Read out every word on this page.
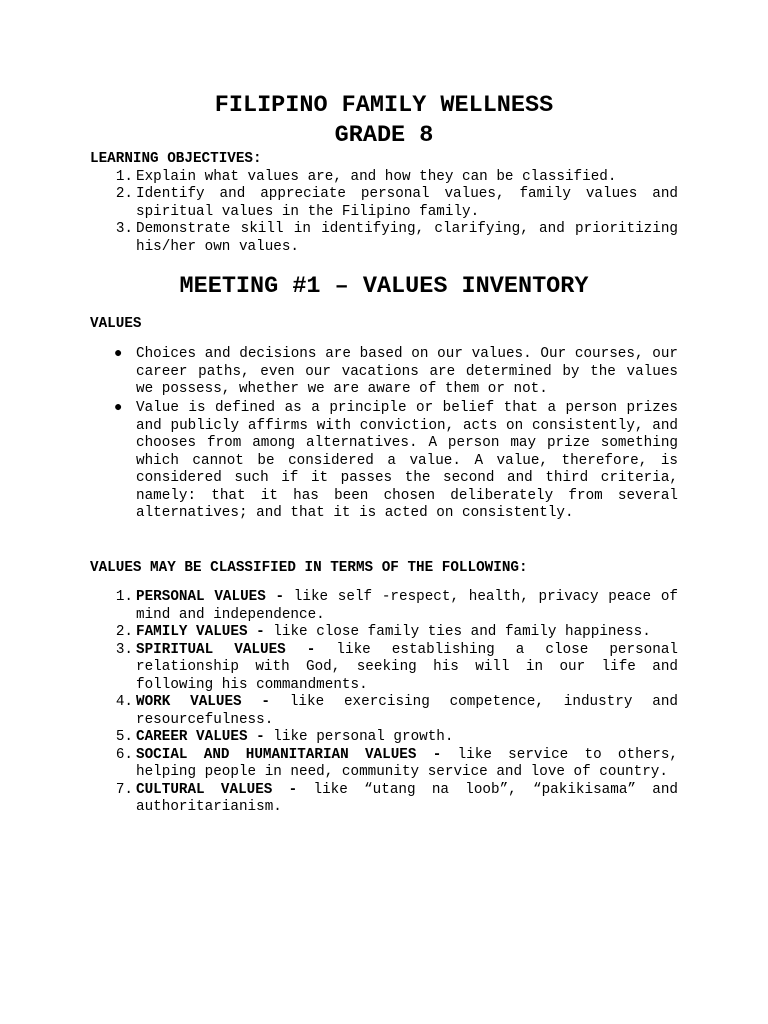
FILIPINO FAMILY WELLNESS
GRADE 8

LEARNING OBJECTIVES:

1. Explain what values are, and how they can be classified.
2. Identify and appreciate personal values, family values and spiritual values in the Filipino family.
3. Demonstrate skill in identifying, clarifying, and prioritizing his/her own values.
MEETING #1 – VALUES INVENTORY

VALUES

● Choices and decisions are based on our values. Our courses, our career paths, even our vacations are determined by the values we possess, whether we are aware of them or not.
● Value is defined as a principle or belief that a person prizes and publicly affirms with conviction, acts on consistently, and chooses from among alternatives. A person may prize something which cannot be considered a value. A value, therefore, is considered such if it passes the second and third criteria, namely: that it has been chosen deliberately from several alternatives; and that it is acted on consistently.

VALUES MAY BE CLASSIFIED IN TERMS OF THE FOLLOWING:

1. PERSONAL VALUES - like self -respect, health, privacy peace of mind and independence.
2. FAMILY VALUES - like close family ties and family happiness.
3. SPIRITUAL VALUES - like establishing a close personal relationship with God, seeking his will in our life and following his commandments.
4. WORK VALUES - like exercising competence, industry and resourcefulness.
5. CAREER VALUES - like personal growth.
6. SOCIAL AND HUMANITARIAN VALUES - like service to others, helping people in need, community service and love of country.
7. CULTURAL VALUES - like “utang na loob”, “pakikisama” and authoritarianism.
